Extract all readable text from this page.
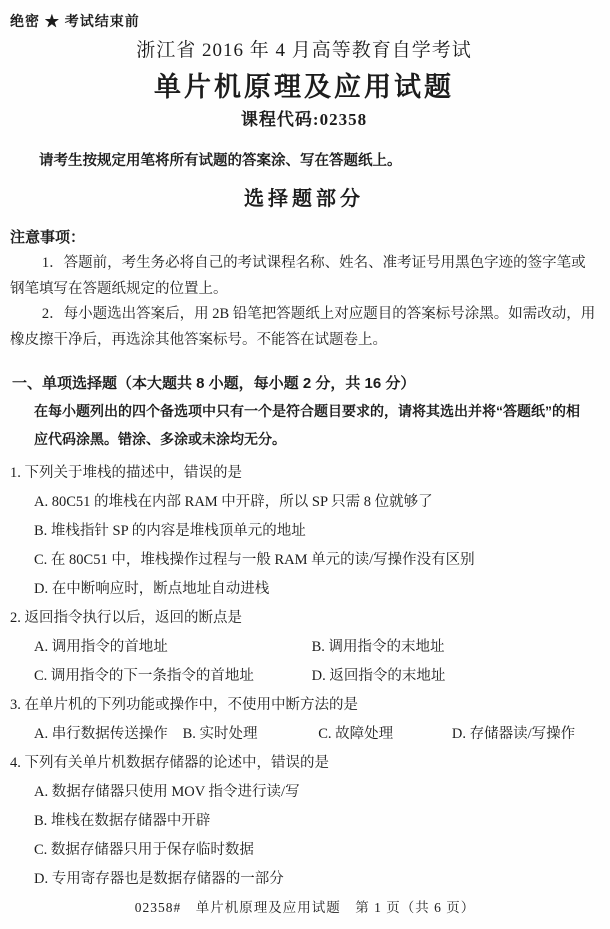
绝密 ★ 考试结束前
浙江省 2016 年 4 月高等教育自学考试
单片机原理及应用试题
课程代码:02358
请考生按规定用笔将所有试题的答案涂、写在答题纸上。
选择题部分
注意事项：

1．答题前，考生务必将自己的考试课程名称、姓名、准考证号用黑色字迹的签字笔或钢笔填写在答题纸规定的位置上。

2．每小题选出答案后，用 2B 铅笔把答题纸上对应题目的答案标号涂黑。如需改动，用橡皮擦干净后，再选涂其他答案标号。不能答在试题卷上。

一、单项选择题（本大题共 8 小题，每小题 2 分，共 16 分）
在每小题列出的四个备选项中只有一个是符合题目要求的，请将其选出并将“答题纸”的相应代码涂黑。错涂、多涂或未涂均无分。
1. 下列关于堆栈的描述中，错误的是
A. 80C51 的堆栈在内部 RAM 中开辟，所以 SP 只需 8 位就够了
B. 堆栈指针 SP 的内容是堆栈顶单元的地址
C. 在 80C51 中，堆栈操作过程与一般 RAM 单元的读/写操作没有区别
D. 在中断响应时，断点地址自动进栈
2. 返回指令执行以后，返回的断点是
A. 调用指令的首地址	B. 调用指令的末地址
C. 调用指令的下一条指令的首地址	D. 返回指令的末地址
3. 在单片机的下列功能或操作中，不使用中断方法的是
A. 串行数据传送操作 B. 实时处理	C. 故障处理	D. 存储器读/写操作
4. 下列有关单片机数据存储器的论述中，错误的是
A. 数据存储器只使用 MOV 指令进行读/写
B. 堆栈在数据存储器中开辟
C. 数据存储器只用于保存临时数据
D. 专用寄存器也是数据存储器的一部分
02358#　单片机原理及应用试题　第 1 页（共 6 页）
